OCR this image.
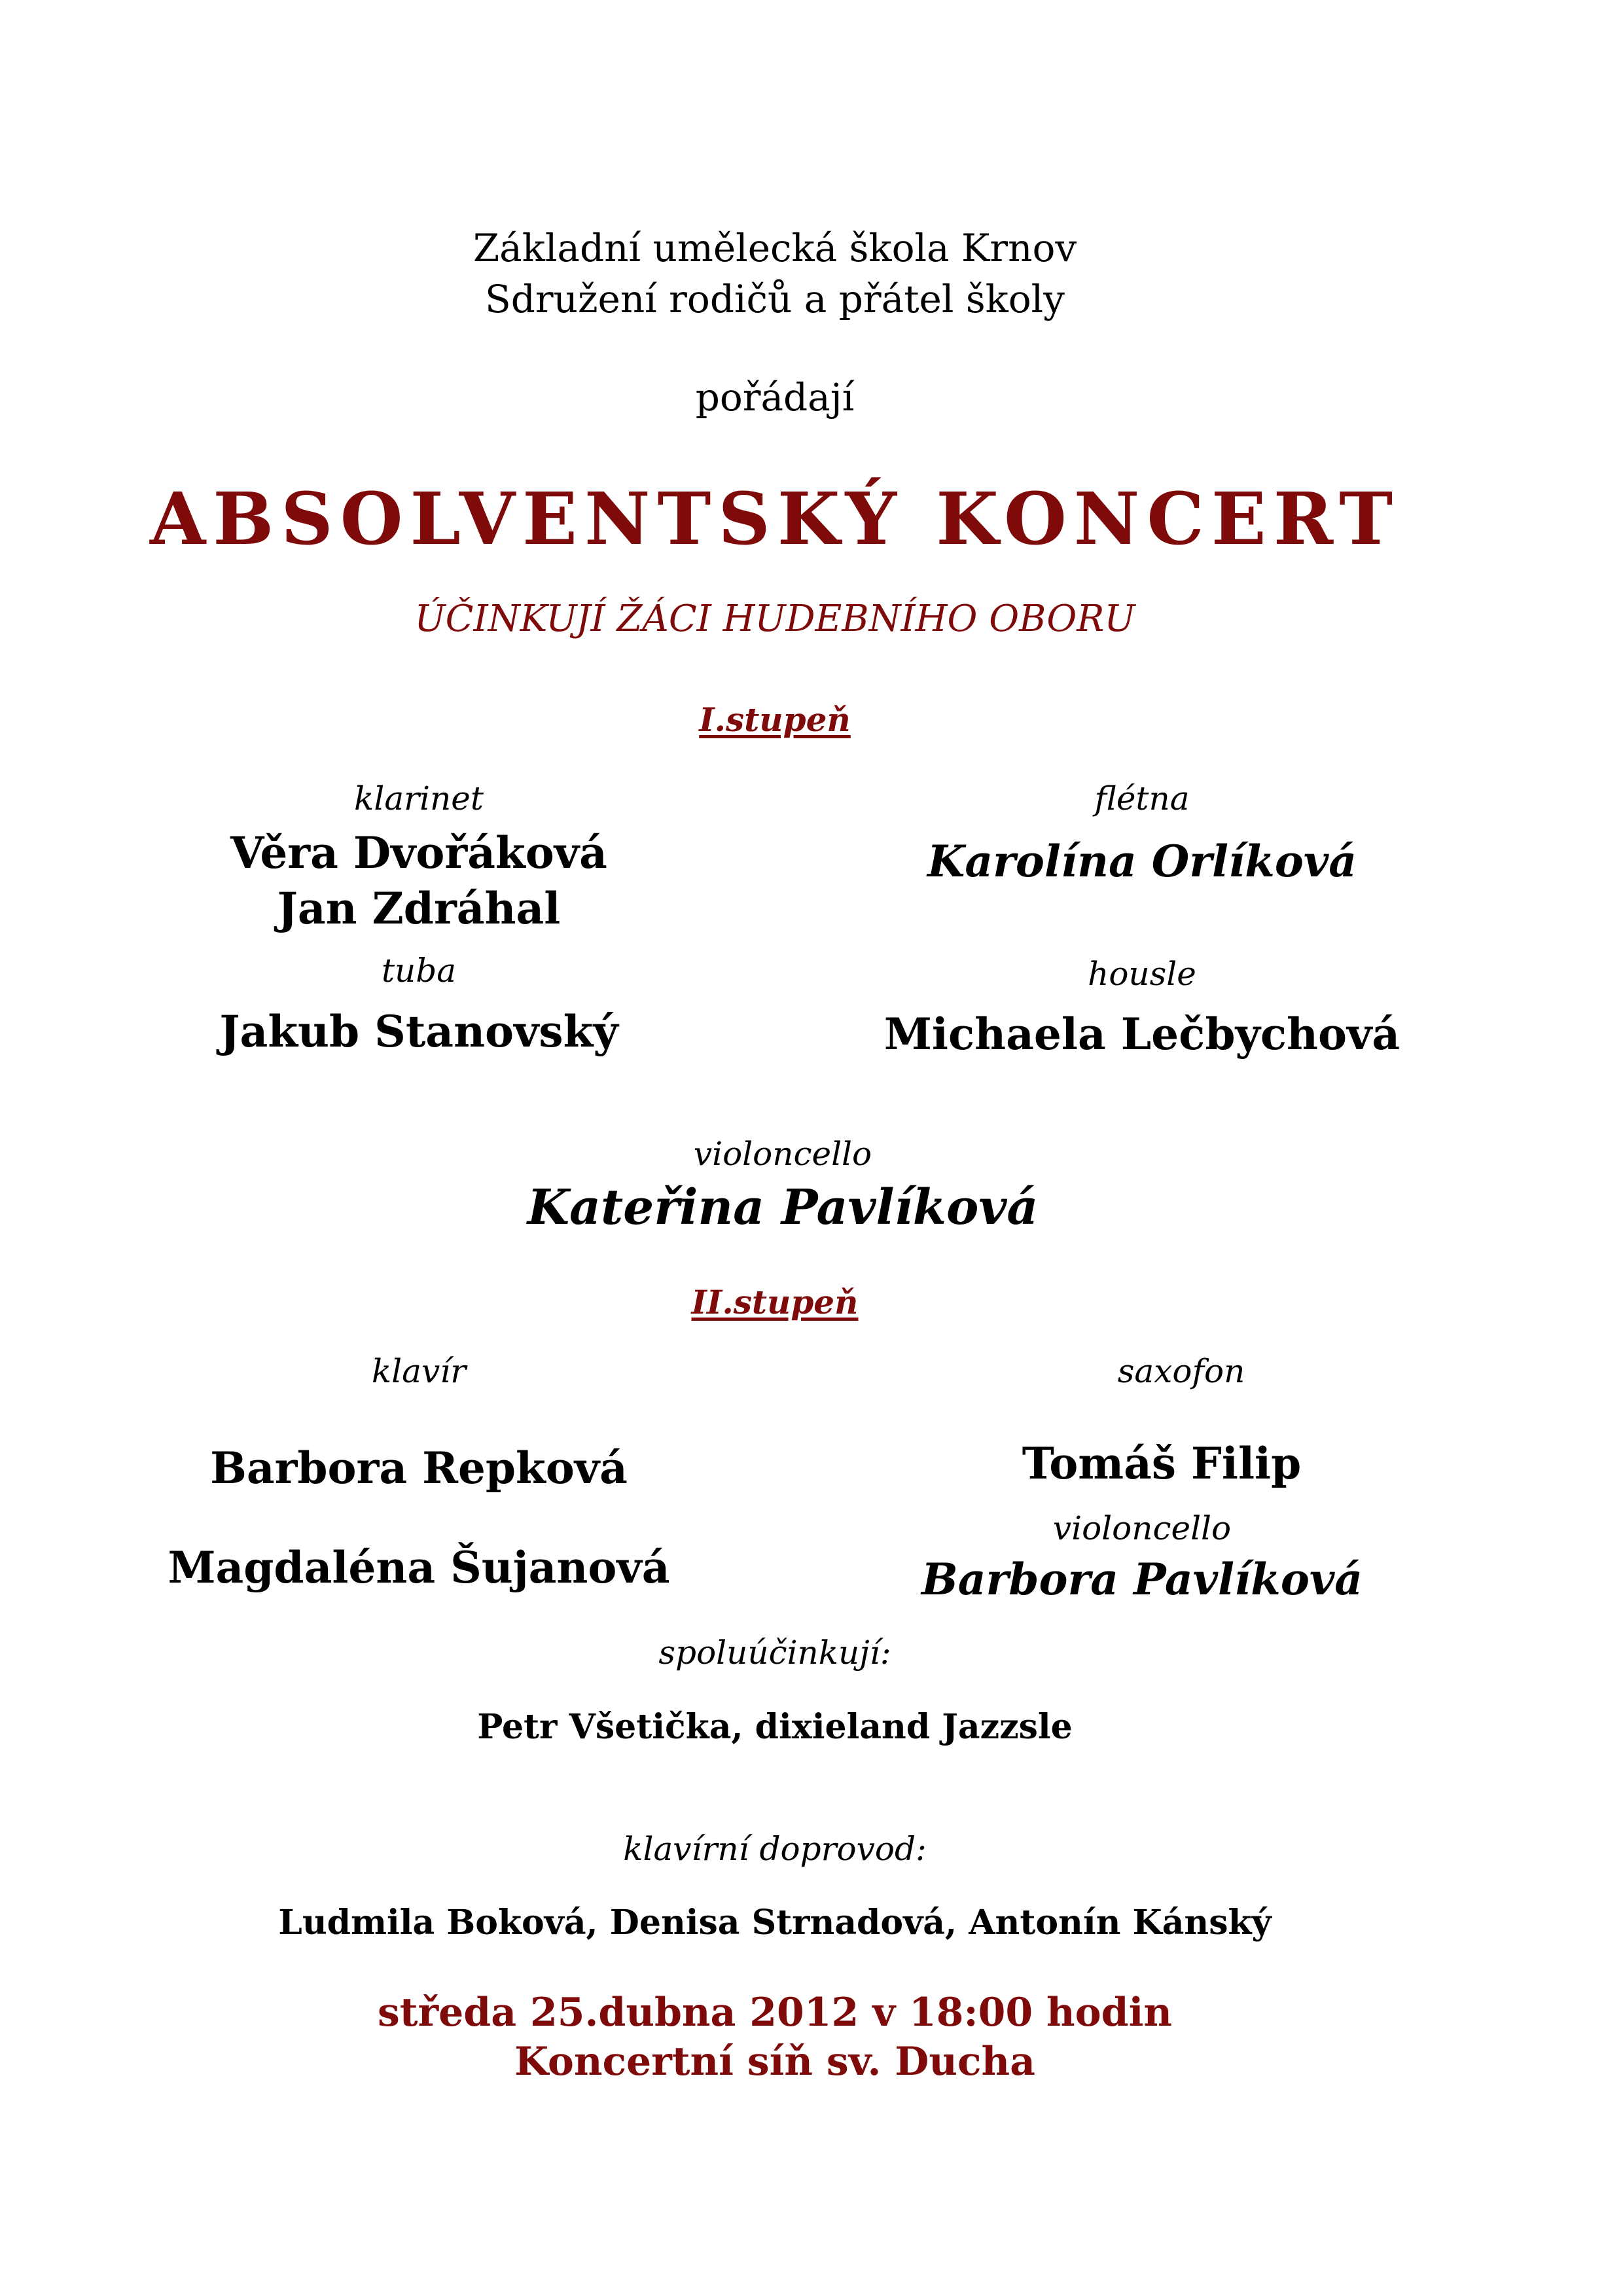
Základní umělecká škola Krnov
Sdružení rodičů a přátel školy
pořádají
ABSOLVENTSKÝ KONCERT
ÚČINKUJÍ ŽÁCI HUDEBNÍHO OBORU
I.stupeň
klarinet
Věra Dvořáková
Jan Zdráhal
tuba
Jakub Stanovský
flétna
Karolína Orlíková
housle
Michaela Lečbychová
violoncello
Kateřina Pavlíková
II.stupeň
klavír
Barbora Repková
Magdaléna Šujanová
saxofon
Tomáš Filip
violoncello
Barbora Pavlíková
spoluúčinkují:
Petr Všetička, dixieland Jazzsle
klavírní doprovod:
Ludmila Boková, Denisa Strnadová, Antonín Kánský
středa 25.dubna 2012 v 18:00 hodin
Koncertní síň sv. Ducha
